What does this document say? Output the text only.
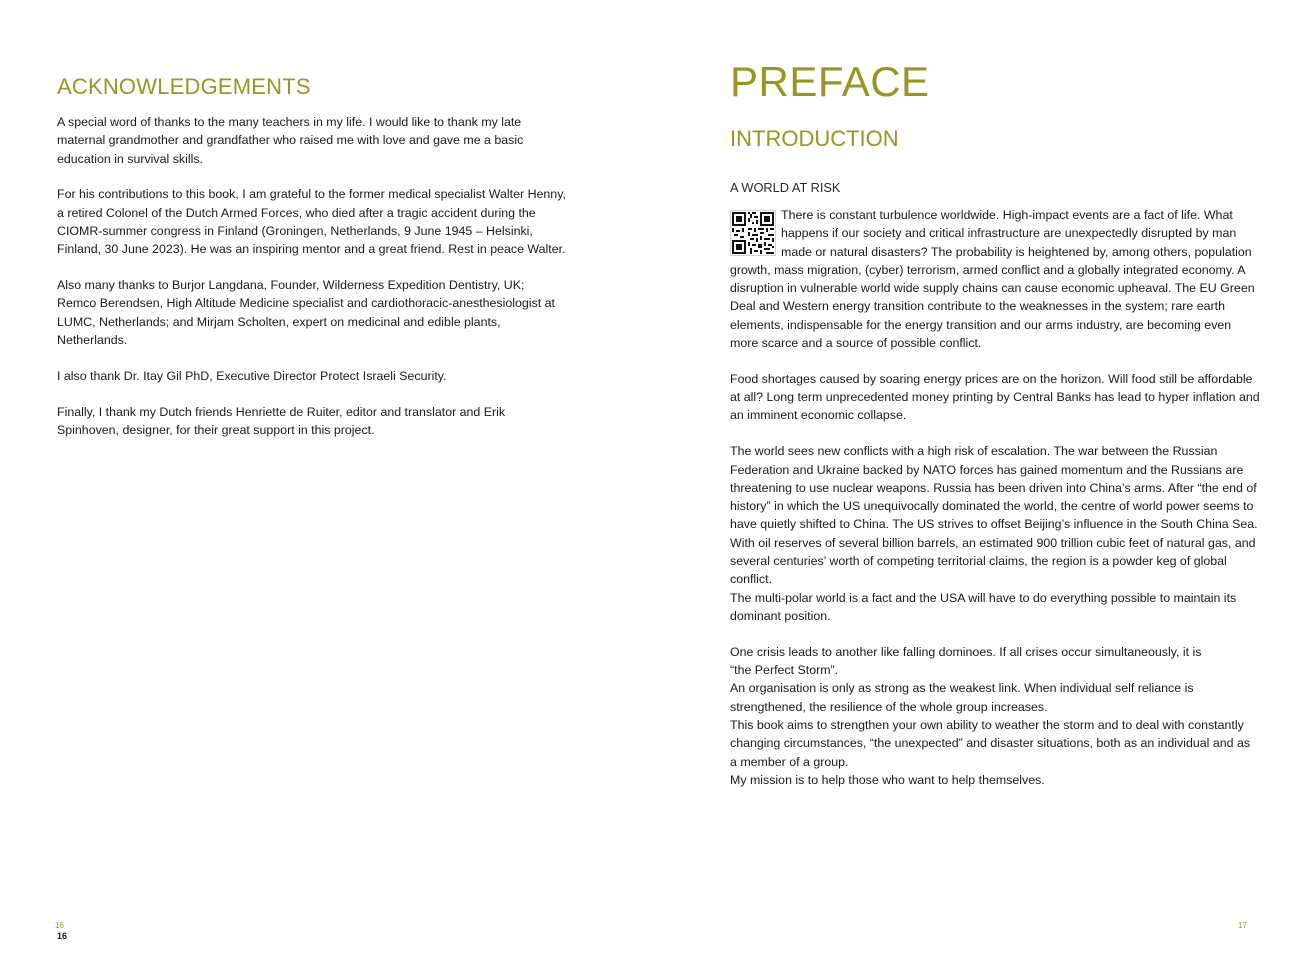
ACKNOWLEDGEMENTS

A special word of thanks to the many teachers in my life. I would like to thank my late maternal grandmother and grandfather who raised me with love and gave me a basic education in survival skills.

For his contributions to this book, I am grateful to the former medical specialist Walter Henny, a retired Colonel of the Dutch Armed Forces, who died after a tragic accident during the CIOMR-summer congress in Finland (Groningen, Netherlands, 9 June 1945 – Helsinki, Finland, 30 June 2023). He was an inspiring mentor and a great friend. Rest in peace Walter.

Also many thanks to Burjor Langdana, Founder, Wilderness Expedition Dentistry, UK; Remco Berendsen, High Altitude Medicine specialist and cardiothoracic-anesthesiologist at LUMC, Netherlands; and Mirjam Scholten, expert on medicinal and edible plants, Netherlands.

I also thank Dr. Itay Gil PhD, Executive Director Protect Israeli Security.

Finally, I thank my Dutch friends Henriette de Ruiter, editor and translator and Erik Spinhoven, designer, for their great support in this project.

16
16
PREFACE
INTRODUCTION
A WORLD AT RISK

There is constant turbulence worldwide. High-impact events are a fact of life. What happens if our society and critical infrastructure are unexpectedly disrupted by man made or natural disasters? The probability is heightened by, among others, population growth, mass migration, (cyber) terrorism, armed conflict and a globally integrated economy. A disruption in vulnerable world wide supply chains can cause economic upheaval. The EU Green Deal and Western energy transition contribute to the weaknesses in the system; rare earth elements, indispensable for the energy transition and our arms industry, are becoming even more scarce and a source of possible conflict.

Food shortages caused by soaring energy prices are on the horizon. Will food still be affordable at all? Long term unprecedented money printing by Central Banks has lead to hyper inflation and an imminent economic collapse.

The world sees new conflicts with a high risk of escalation. The war between the Russian Federation and Ukraine backed by NATO forces has gained momentum and the Russians are threatening to use nuclear weapons. Russia has been driven into China’s arms. After “the end of history” in which the US unequivocally dominated the world, the centre of world power seems to have quietly shifted to China. The US strives to offset Beijing’s influence in the South China Sea. With oil reserves of several billion barrels, an estimated 900 trillion cubic feet of natural gas, and several centuries’ worth of competing territorial claims, the region is a powder keg of global conflict.
The multi-polar world is a fact and the USA will have to do everything possible to maintain its dominant position.

One crisis leads to another like falling dominoes. If all crises occur simultaneously, it is
“the Perfect Storm”.
An organisation is only as strong as the weakest link. When individual self reliance is strengthened, the resilience of the whole group increases.
This book aims to strengthen your own ability to weather the storm and to deal with constantly changing circumstances, “the unexpected” and disaster situations, both as an individual and as
a member of a group.
My mission is to help those who want to help themselves.

17
